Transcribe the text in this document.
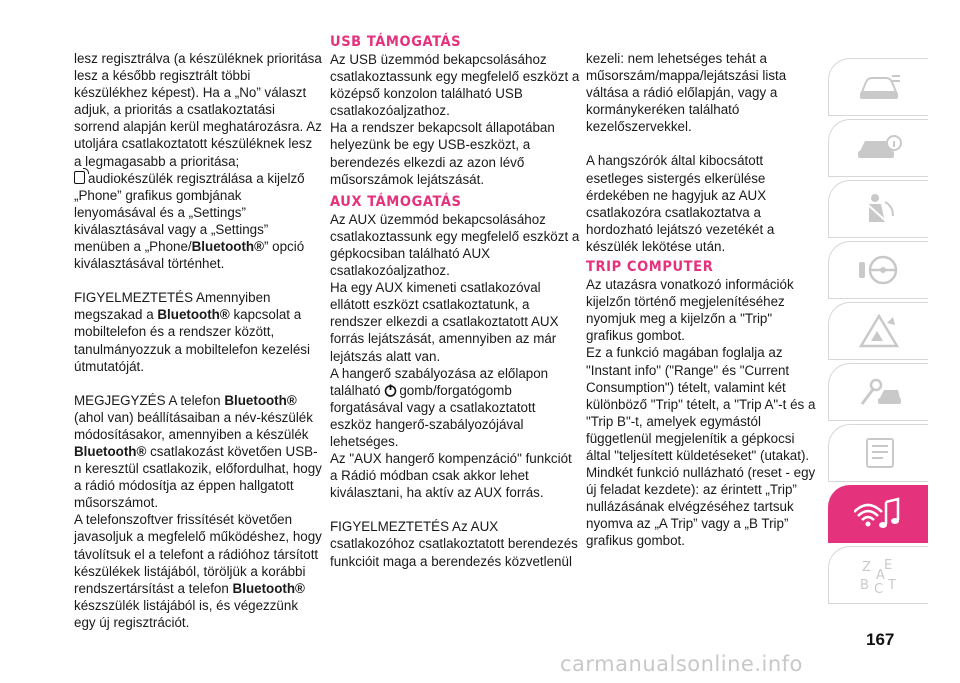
lesz regisztrálva (a készüléknek prioritása lesz a később regisztrált többi készülékhez képest). Ha a „No” választ adjuk, a prioritás a csatlakoztatási sorrend alapján kerül meghatározásra. Az utoljára csatlakoztatott készüléknek lesz a legmagasabb a prioritása;

audiokészülék regisztrálása a kijelző „Phone” grafikus gombjának lenyomásával és a „Settings” kiválasztásával vagy a „Settings” menüben a „Phone/Bluetooth®” opció kiválasztásával történhet.

FIGYELMEZTETÉS Amennyiben megszakad a Bluetooth® kapcsolat a mobiltelefon és a rendszer között, tanulmányozzuk a mobiltelefon kezelési útmutatóját.

MEGJEGYZÉS A telefon Bluetooth® (ahol van) beállításaiban a név-készülék módosításakor, amennyiben a készülék Bluetooth® csatlakozást követően USB-n keresztül csatlakozik, előfordulhat, hogy a rádió módosítja az éppen hallgatott műsorszámot.

A telefonszoftver frissítését követően javasoljuk a megfelelő működéshez, hogy távolítsuk el a telefont a rádióhoz társított készülékek listájából, töröljük a korábbi rendszertársítást a telefon Bluetooth® készszülék listájából is, és végezzünk egy új regisztrációt.

USB TÁMOGATÁS

Az USB üzemmód bekapcsolásához csatlakoztassunk egy megfelelő eszközt a középső konzolon található USB csatlakozóaljzathoz.

Ha a rendszer bekapcsolt állapotában helyezünk be egy USB-eszközt, a berendezés elkezdi az azon lévő műsorszámok lejátszását.

AUX TÁMOGATÁS

Az AUX üzemmód bekapcsolásához csatlakoztassunk egy megfelelő eszközt a gépkocsiban található AUX csatlakozóaljzathoz.

Ha egy AUX kimeneti csatlakozóval ellátott eszközt csatlakoztatunk, a rendszer elkezdi a csatlakoztatott AUX forrás lejátszását, amennyiben az már lejátszás alatt van.

A hangerő szabályozása az előlapon található gomb/forgatógomb forgatásával vagy a csatlakoztatott eszköz hangerő-szabályozójával lehetséges.

Az "AUX hangerő kompenzáció" funkciót a Rádió módban csak akkor lehet kiválasztani, ha aktív az AUX forrás.

FIGYELMEZTETÉS Az AUX csatlakozóhoz csatlakoztatott berendezés funkcióit maga a berendezés közvetlenül

kezeli: nem lehetséges tehát a műsorszám/mappa/lejátszási lista váltása a rádió előlapján, vagy a kormánykeréken található kezelőszervekkel.

A hangszórók által kibocsátott esetleges sistergés elkerülése érdekében ne hagyjuk az AUX csatlakozóra csatlakoztatva a hordozható lejátszó vezetékét a készülék lekötése után.

TRIP COMPUTER

Az utazásra vonatkozó információk kijelzőn történő megjelenítéséhez nyomjuk meg a kijelzőn a "Trip" grafikus gombot.

Ez a funkció magában foglalja az "Instant info" ("Range" és "Current Consumption") tételt, valamint két különböző "Trip" tételt, a "Trip A"-t és a "Trip B"-t, amelyek egymástól függetlenül megjelenítik a gépkocsi által "teljesített küldetéseket" (utakat).

Mindkét funkció nullázható (reset - egy új feladat kezdete): az érintett „Trip” nullázásának elvégzéséhez tartsuk nyomva az „A Trip” vagy a „B Trip” grafikus gombot.

Z E
B C T
A
167
carmanualsonline.info
